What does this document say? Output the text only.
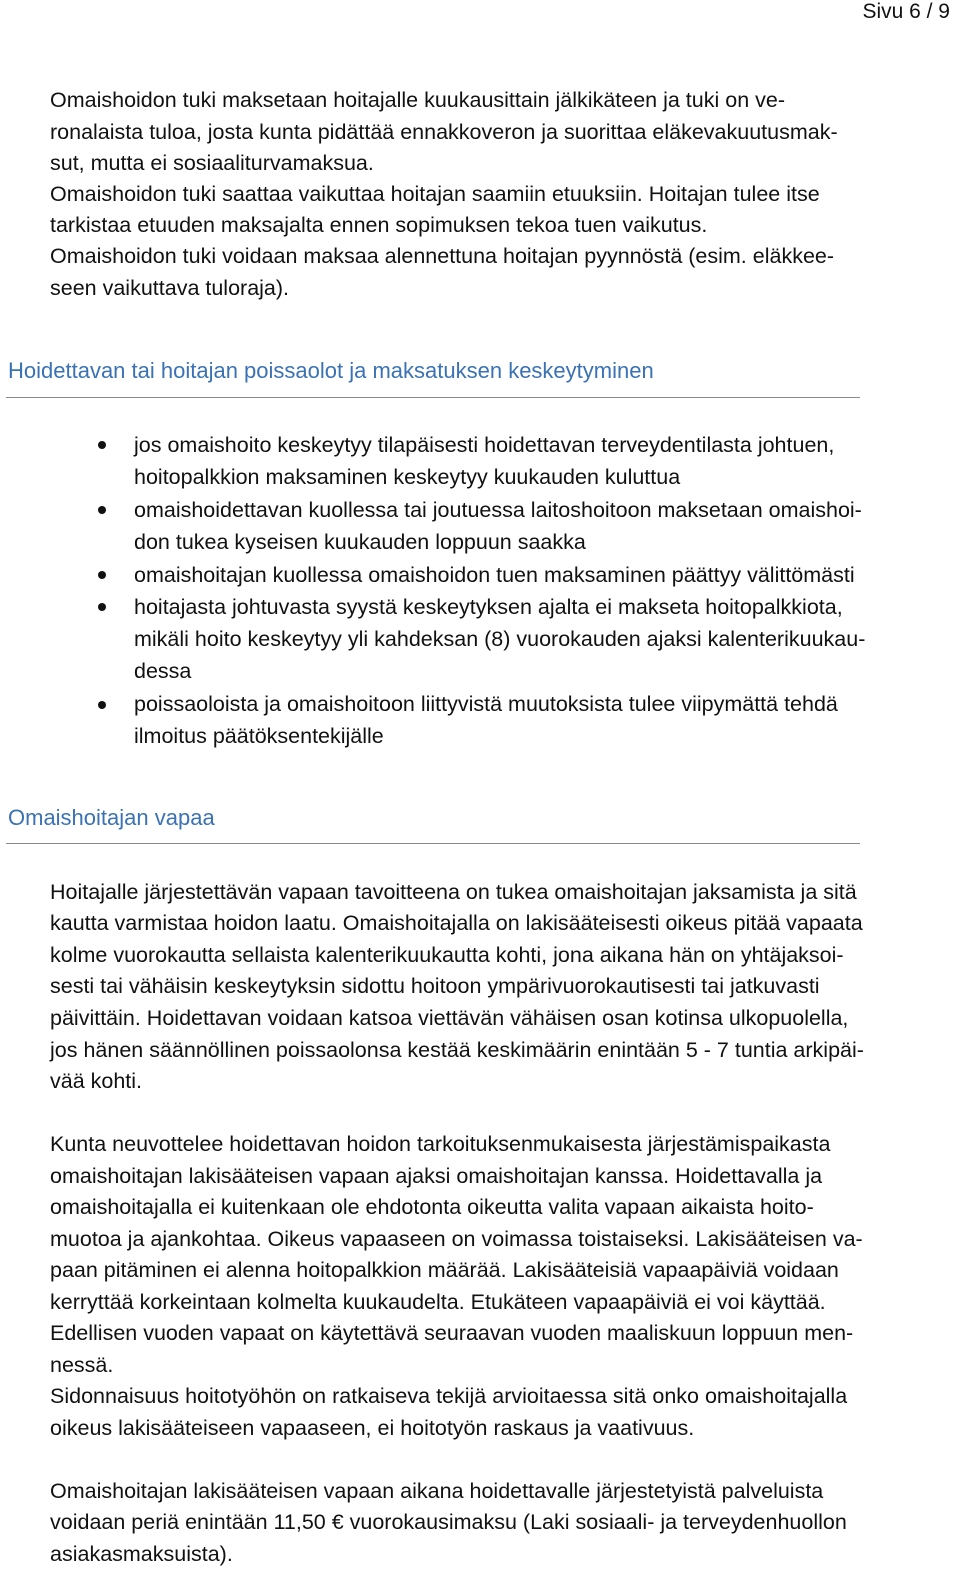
Sivu 6 / 9
Omaishoidon tuki maksetaan hoitajalle kuukausittain jälkikäteen ja tuki on ve-
ronalaista tuloa, josta kunta pidättää ennakkoveron ja suorittaa eläkevakuutusmak-
sut, mutta ei sosiaaliturvamaksua.
Omaishoidon tuki saattaa vaikuttaa hoitajan saamiin etuuksiin. Hoitajan tulee itse
tarkistaa etuuden maksajalta ennen sopimuksen tekoa tuen vaikutus.
Omaishoidon tuki voidaan maksaa alennettuna hoitajan pyynnöstä (esim. eläkkee-
seen vaikuttava tuloraja).
Hoidettavan tai hoitajan poissaolot ja maksatuksen keskeytyminen
jos omaishoito keskeytyy tilapäisesti hoidettavan terveydentilasta johtuen,
hoitopalkkion maksaminen keskeytyy kuukauden kuluttua
omaishoidettavan kuollessa tai joutuessa laitoshoitoon maksetaan omaishoi-
don tukea kyseisen kuukauden loppuun saakka
omaishoitajan kuollessa omaishoidon tuen maksaminen päättyy välittömästi
hoitajasta johtuvasta syystä keskeytyksen ajalta ei makseta hoitopalkkiota,
mikäli hoito keskeytyy yli kahdeksan (8) vuorokauden ajaksi kalenterikuukau-
dessa
poissaoloista ja omaishoitoon liittyvistä muutoksista tulee viipymättä tehdä
ilmoitus päätöksentekijälle
Omaishoitajan vapaa
Hoitajalle järjestettävän vapaan tavoitteena on tukea omaishoitajan jaksamista ja sitä
kautta varmistaa hoidon laatu. Omaishoitajalla on lakisääteisesti oikeus pitää vapaata
kolme vuorokautta sellaista kalenterikuukautta kohti, jona aikana hän on yhtäjaksoi-
sesti tai vähäisin keskeytyksin sidottu hoitoon ympärivuorokautisesti tai jatkuvasti
päivittäin. Hoidettavan voidaan katsoa viettävän vähäisen osan kotinsa ulkopuolella,
jos hänen säännöllinen poissaolonsa kestää keskimäärin enintään 5 - 7 tuntia arkipäi-
vää kohti.
Kunta neuvottelee hoidettavan hoidon tarkoituksenmukaisesta järjestämispaikasta
omaishoitajan lakisääteisen vapaan ajaksi omaishoitajan kanssa. Hoidettavalla ja
omaishoitajalla ei kuitenkaan ole ehdotonta oikeutta valita vapaan aikaista hoito-
muotoa ja ajankohtaa. Oikeus vapaaseen on voimassa toistaiseksi. Lakisääteisen va-
paan pitäminen ei alenna hoitopalkkion määrää. Lakisääteisiä vapaapäiviä voidaan
kerryttää korkeintaan kolmelta kuukaudelta. Etukäteen vapaapäiviä ei voi käyttää.
Edellisen vuoden vapaat on käytettävä seuraavan vuoden maaliskuun loppuun men-
nessä.
Sidonnaisuus hoitotyöhön on ratkaiseva tekijä arvioitaessa sitä onko omaishoitajalla
oikeus lakisääteiseen vapaaseen, ei hoitotyön raskaus ja vaativuus.
Omaishoitajan lakisääteisen vapaan aikana hoidettavalle järjestetyistä palveluista
voidaan periä enintään 11,50 € vuorokausimaksu (Laki sosiaali- ja terveydenhuollon
asiakasmaksuista).
